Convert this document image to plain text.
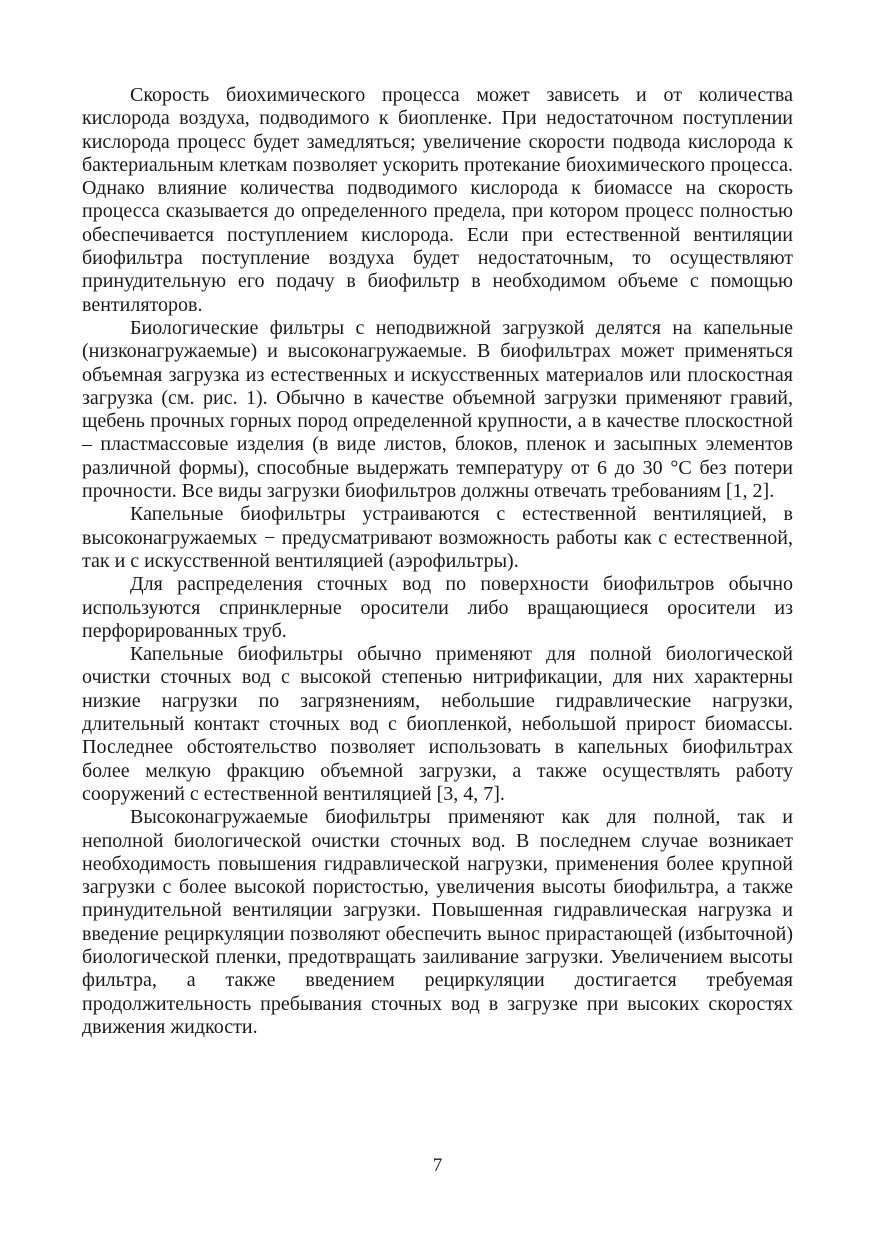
Скорость биохимического процесса может зависеть и от количества кислорода воздуха, подводимого к биопленке. При недостаточном поступлении кислорода процесс будет замедляться; увеличение скорости подвода кислорода к бактериальным клеткам позволяет ускорить протекание биохимического процесса. Однако влияние количества подводимого кислорода к биомассе на скорость процесса сказывается до определенного предела, при котором процесс полностью обеспечивается поступлением кислорода. Если при естественной вентиляции биофильтра поступление воздуха будет недостаточным, то осуществляют принудительную его подачу в биофильтр в необходимом объеме с помощью вентиляторов.

Биологические фильтры с неподвижной загрузкой делятся на капельные (низконагружаемые) и высоконагружаемые. В биофильтрах может применяться объемная загрузка из естественных и искусственных материалов или плоскостная загрузка (см. рис. 1). Обычно в качестве объемной загрузки применяют гравий, щебень прочных горных пород определенной крупности, а в качестве плоскостной – пластмассовые изделия (в виде листов, блоков, пленок и засыпных элементов различной формы), способные выдержать температуру от 6 до 30 °С без потери прочности. Все виды загрузки биофильтров должны отвечать требованиям [1, 2].

Капельные биофильтры устраиваются с естественной вентиляцией, в высоконагружаемых − предусматривают возможность работы как с естественной, так и с искусственной вентиляцией (аэрофильтры).

Для распределения сточных вод по поверхности биофильтров обычно используются спринклерные оросители либо вращающиеся оросители из перфорированных труб.

Капельные биофильтры обычно применяют для полной биологической очистки сточных вод с высокой степенью нитрификации, для них характерны низкие нагрузки по загрязнениям, небольшие гидравлические нагрузки, длительный контакт сточных вод с биопленкой, небольшой прирост биомассы. Последнее обстоятельство позволяет использовать в капельных биофильтрах более мелкую фракцию объемной загрузки, а также осуществлять работу сооружений с естественной вентиляцией [3, 4, 7].

Высоконагружаемые биофильтры применяют как для полной, так и неполной биологической очистки сточных вод. В последнем случае возникает необходимость повышения гидравлической нагрузки, применения более крупной загрузки с более высокой пористостью, увеличения высоты биофильтра, а также принудительной вентиляции загрузки. Повышенная гидравлическая нагрузка и введение рециркуляции позволяют обеспечить вынос прирастающей (избыточной) биологической пленки, предотвращать заиливание загрузки. Увеличением высоты фильтра, а также введением рециркуляции достигается требуемая продолжительность пребывания сточных вод в загрузке при высоких скоростях движения жидкости.

7
